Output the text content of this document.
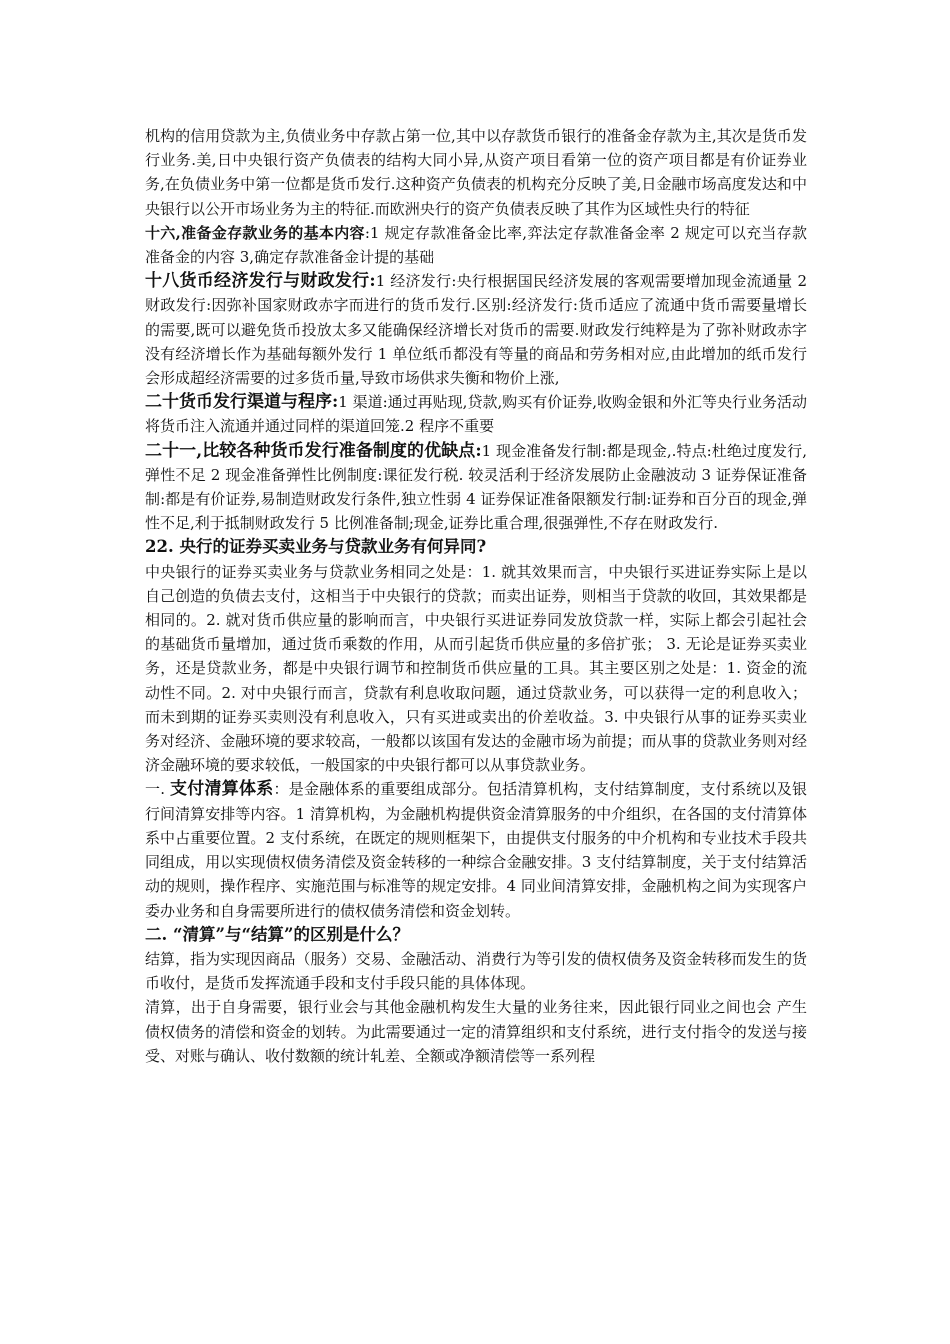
机构的信用贷款为主,负债业务中存款占第一位,其中以存款货币银行的准备金存款为主,其次是货币发行业务.美,日中央银行资产负债表的结构大同小异,从资产项目看第一位的资产项目都是有价证券业务,在负债业务中第一位都是货币发行.这种资产负债表的机构充分反映了美,日金融市场高度发达和中央银行以公开市场业务为主的特征.而欧洲央行的资产负债表反映了其作为区域性央行的特征

十六,准备金存款业务的基本内容:1 规定存款准备金比率,弈法定存款准备金率 2 规定可以充当存款准备金的内容 3,确定存款准备金计提的基础

十八货币经济发行与财政发行:1 经济发行:央行根据国民经济发展的客观需要增加现金流通量 2 财政发行:因弥补国家财政赤字而进行的货币发行.区别:经济发行:货币适应了流通中货币需要量增长的需要,既可以避免货币投放太多又能确保经济增长对货币的需要.财政发行纯粹是为了弥补财政赤字没有经济增长作为基础每额外发行 1 单位纸币都没有等量的商品和劳务相对应,由此增加的纸币发行会形成超经济需要的过多货币量,导致市场供求失衡和物价上涨,

二十货币发行渠道与程序:1 渠道:通过再贴现,贷款,购买有价证券,收购金银和外汇等央行业务活动将货币注入流通并通过同样的渠道回笼.2 程序不重要

二十一,比较各种货币发行准备制度的优缺点:1 现金准备发行制:都是现金,.特点:杜绝过度发行,弹性不足 2 现金准备弹性比例制度:课征发行税. 较灵活利于经济发展防止金融波动 3 证券保证准备制:都是有价证券,易制造财政发行条件,独立性弱 4 证券保证准备限额发行制:证券和百分百的现金,弹性不足,利于抵制财政发行 5 比例准备制;现金,证券比重合理,很强弹性,不存在财政发行.

22. 央行的证券买卖业务与贷款业务有何异同?

中央银行的证券买卖业务与贷款业务相同之处是：1. 就其效果而言，中央银行买进证券实际上是以自己创造的负债去支付，这相当于中央银行的贷款；而卖出证券，则相当于贷款的收回，其效果都是相同的。2. 就对货币供应量的影响而言，中央银行买进证券同发放贷款一样，实际上都会引起社会的基础货币量增加，通过货币乘数的作用，从而引起货币供应量的多倍扩张； 3. 无论是证券买卖业务，还是贷款业务，都是中央银行调节和控制货币供应量的工具。其主要区别之处是：1. 资金的流动性不同。2. 对中央银行而言，贷款有利息收取问题，通过贷款业务，可以获得一定的利息收入；而未到期的证券买卖则没有利息收入，只有买进或卖出的价差收益。3. 中央银行从事的证券买卖业务对经济、金融环境的要求较高，一般都以该国有发达的金融市场为前提；而从事的贷款业务则对经济金融环境的要求较低，一般国家的中央银行都可以从事贷款业务。

一. 支付清算体系：是金融体系的重要组成部分。包括清算机构，支付结算制度，支付系统以及银行间清算安排等内容。1 清算机构，为金融机构提供资金清算服务的中介组织，在各国的支付清算体系中占重要位置。2 支付系统，在既定的规则框架下，由提供支付服务的中介机构和专业技术手段共同组成，用以实现债权债务清偿及资金转移的一种综合金融安排。3 支付结算制度，关于支付结算活动的规则，操作程序、实施范围与标准等的规定安排。4 同业间清算安排，金融机构之间为实现客户委办业务和自身需要所进行的债权债务清偿和资金划转。

二. “清算”与“结算”的区别是什么？

结算，指为实现因商品（服务）交易、金融活动、消费行为等引发的债权债务及资金转移而发生的货币收付，是货币发挥流通手段和支付手段只能的具体体现。

清算，出于自身需要，银行业会与其他金融机构发生大量的业务往来，因此银行同业之间也会 产生债权债务的清偿和资金的划转。为此需要通过一定的清算组织和支付系统，进行支付指令的发送与接受、对账与确认、收付数额的统计轧差、全额或净额清偿等一系列程
